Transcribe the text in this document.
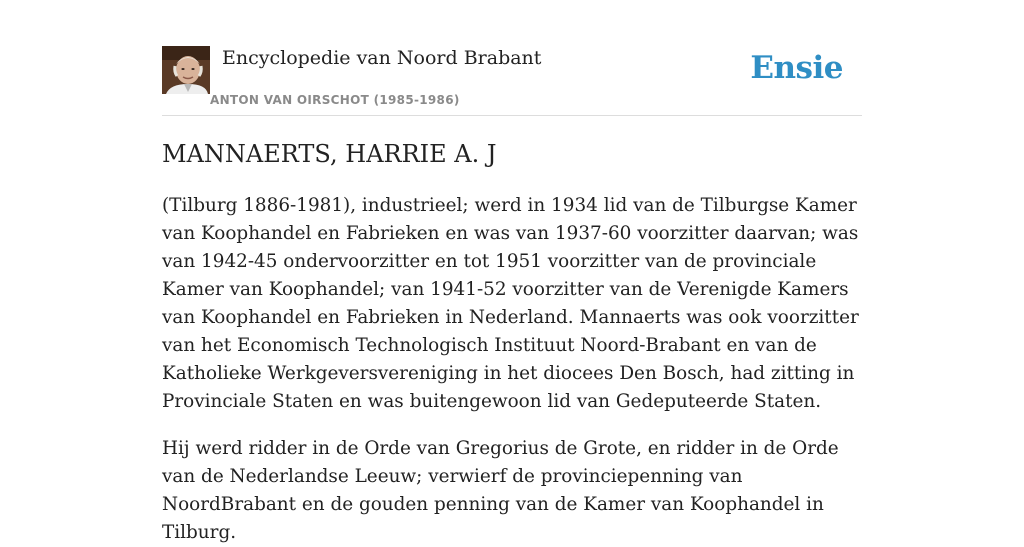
Encyclopedie van Noord Brabant
ANTON VAN OIRSCHOT (1985-1986)
Ensie
MANNAERTS, HARRIE A. J

(Tilburg 1886-1981), industrieel; werd in 1934 lid van de Tilburgse Kamer van Koophandel en Fabrieken en was van 1937-60 voorzitter daarvan; was van 1942-45 ondervoorzitter en tot 1951 voorzitter van de provinciale Kamer van Koophandel; van 1941-52 voorzitter van de Verenigde Kamers van Koophandel en Fabrieken in Nederland. Mannaerts was ook voorzitter van het Economisch Technologisch Instituut Noord-Brabant en van de Katholieke Werkgeversvereniging in het diocees Den Bosch, had zitting in Provinciale Staten en was buitengewoon lid van Gedeputeerde Staten.

Hij werd ridder in de Orde van Gregorius de Grote, en ridder in de Orde van de Nederlandse Leeuw; verwierf de provinciepenning van NoordBrabant en de gouden penning van de Kamer van Koophandel in Tilburg.
